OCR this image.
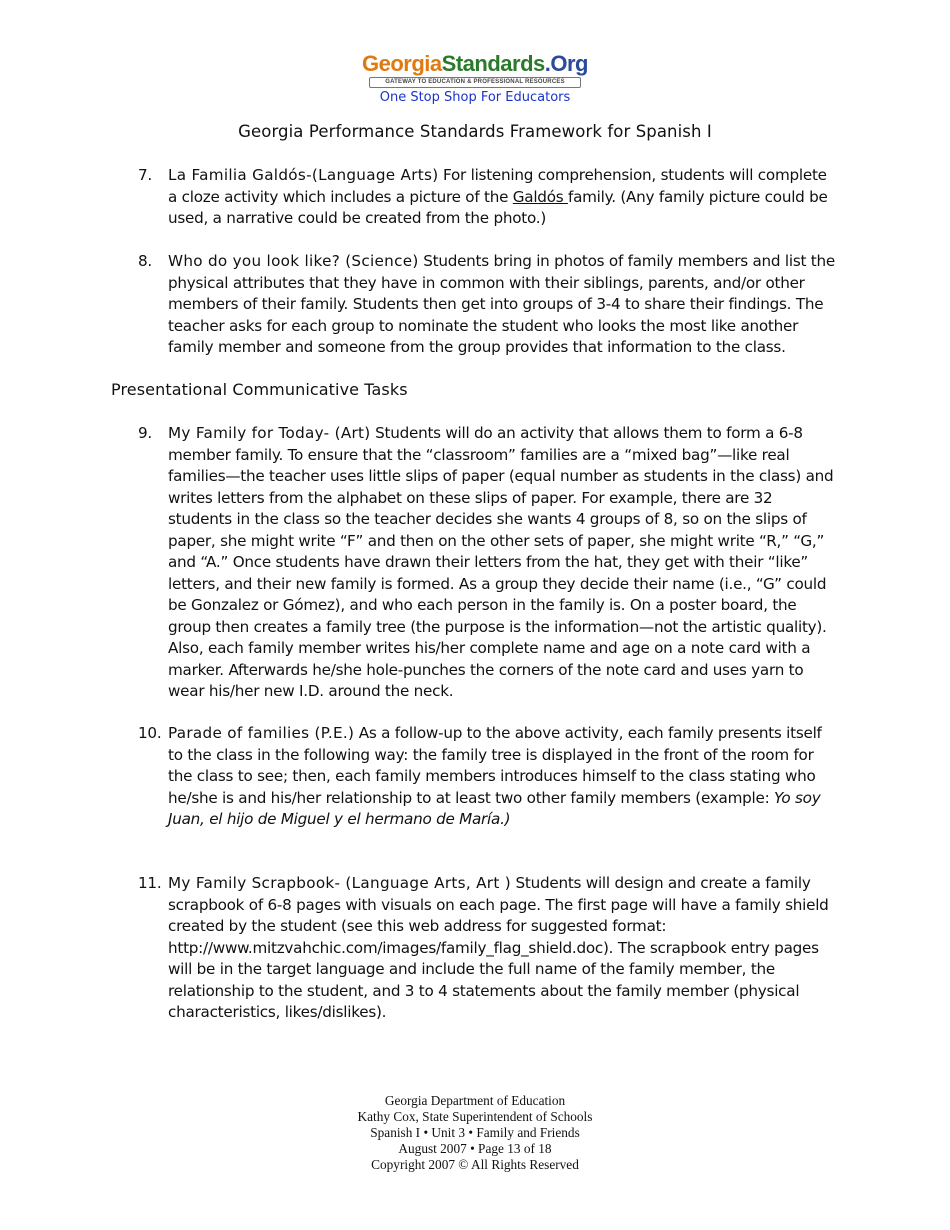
GeorgiaStandards.Org
GATEWAY TO EDUCATION & PROFESSIONAL RESOURCES
One Stop Shop For Educators
Georgia Performance Standards Framework for Spanish I
7. La Familia Galdós-(Language Arts) For listening comprehension, students will complete a cloze activity which includes a picture of the Galdós family. (Any family picture could be used, a narrative could be created from the photo.)
8. Who do you look like? (Science) Students bring in photos of family members and list the physical attributes that they have in common with their siblings, parents, and/or other members of their family. Students then get into groups of 3-4 to share their findings. The teacher asks for each group to nominate the student who looks the most like another family member and someone from the group provides that information to the class.
Presentational Communicative Tasks
9. My Family for Today- (Art) Students will do an activity that allows them to form a 6-8 member family. To ensure that the “classroom” families are a “mixed bag”—like real families—the teacher uses little slips of paper (equal number as students in the class) and writes letters from the alphabet on these slips of paper. For example, there are 32 students in the class so the teacher decides she wants 4 groups of 8, so on the slips of paper, she might write “F” and then on the other sets of paper, she might write “R,” “G,” and “A.” Once students have drawn their letters from the hat, they get with their “like” letters, and their new family is formed. As a group they decide their name (i.e., “G” could be Gonzalez or Gómez), and who each person in the family is. On a poster board, the group then creates a family tree (the purpose is the information—not the artistic quality). Also, each family member writes his/her complete name and age on a note card with a marker. Afterwards he/she hole-punches the corners of the note card and uses yarn to wear his/her new I.D. around the neck.
10. Parade of families (P.E.) As a follow-up to the above activity, each family presents itself to the class in the following way: the family tree is displayed in the front of the room for the class to see; then, each family members introduces himself to the class stating who he/she is and his/her relationship to at least two other family members (example: Yo soy Juan, el hijo de Miguel y el hermano de María.)
11. My Family Scrapbook- (Language Arts, Art ) Students will design and create a family scrapbook of 6-8 pages with visuals on each page. The first page will have a family shield created by the student (see this web address for suggested format: http://www.mitzvahchic.com/images/family_flag_shield.doc). The scrapbook entry pages will be in the target language and include the full name of the family member, the relationship to the student, and 3 to 4 statements about the family member (physical characteristics, likes/dislikes).
Georgia Department of Education
Kathy Cox, State Superintendent of Schools
Spanish I • Unit 3 • Family and Friends
August 2007 • Page 13 of 18
Copyright 2007 © All Rights Reserved
